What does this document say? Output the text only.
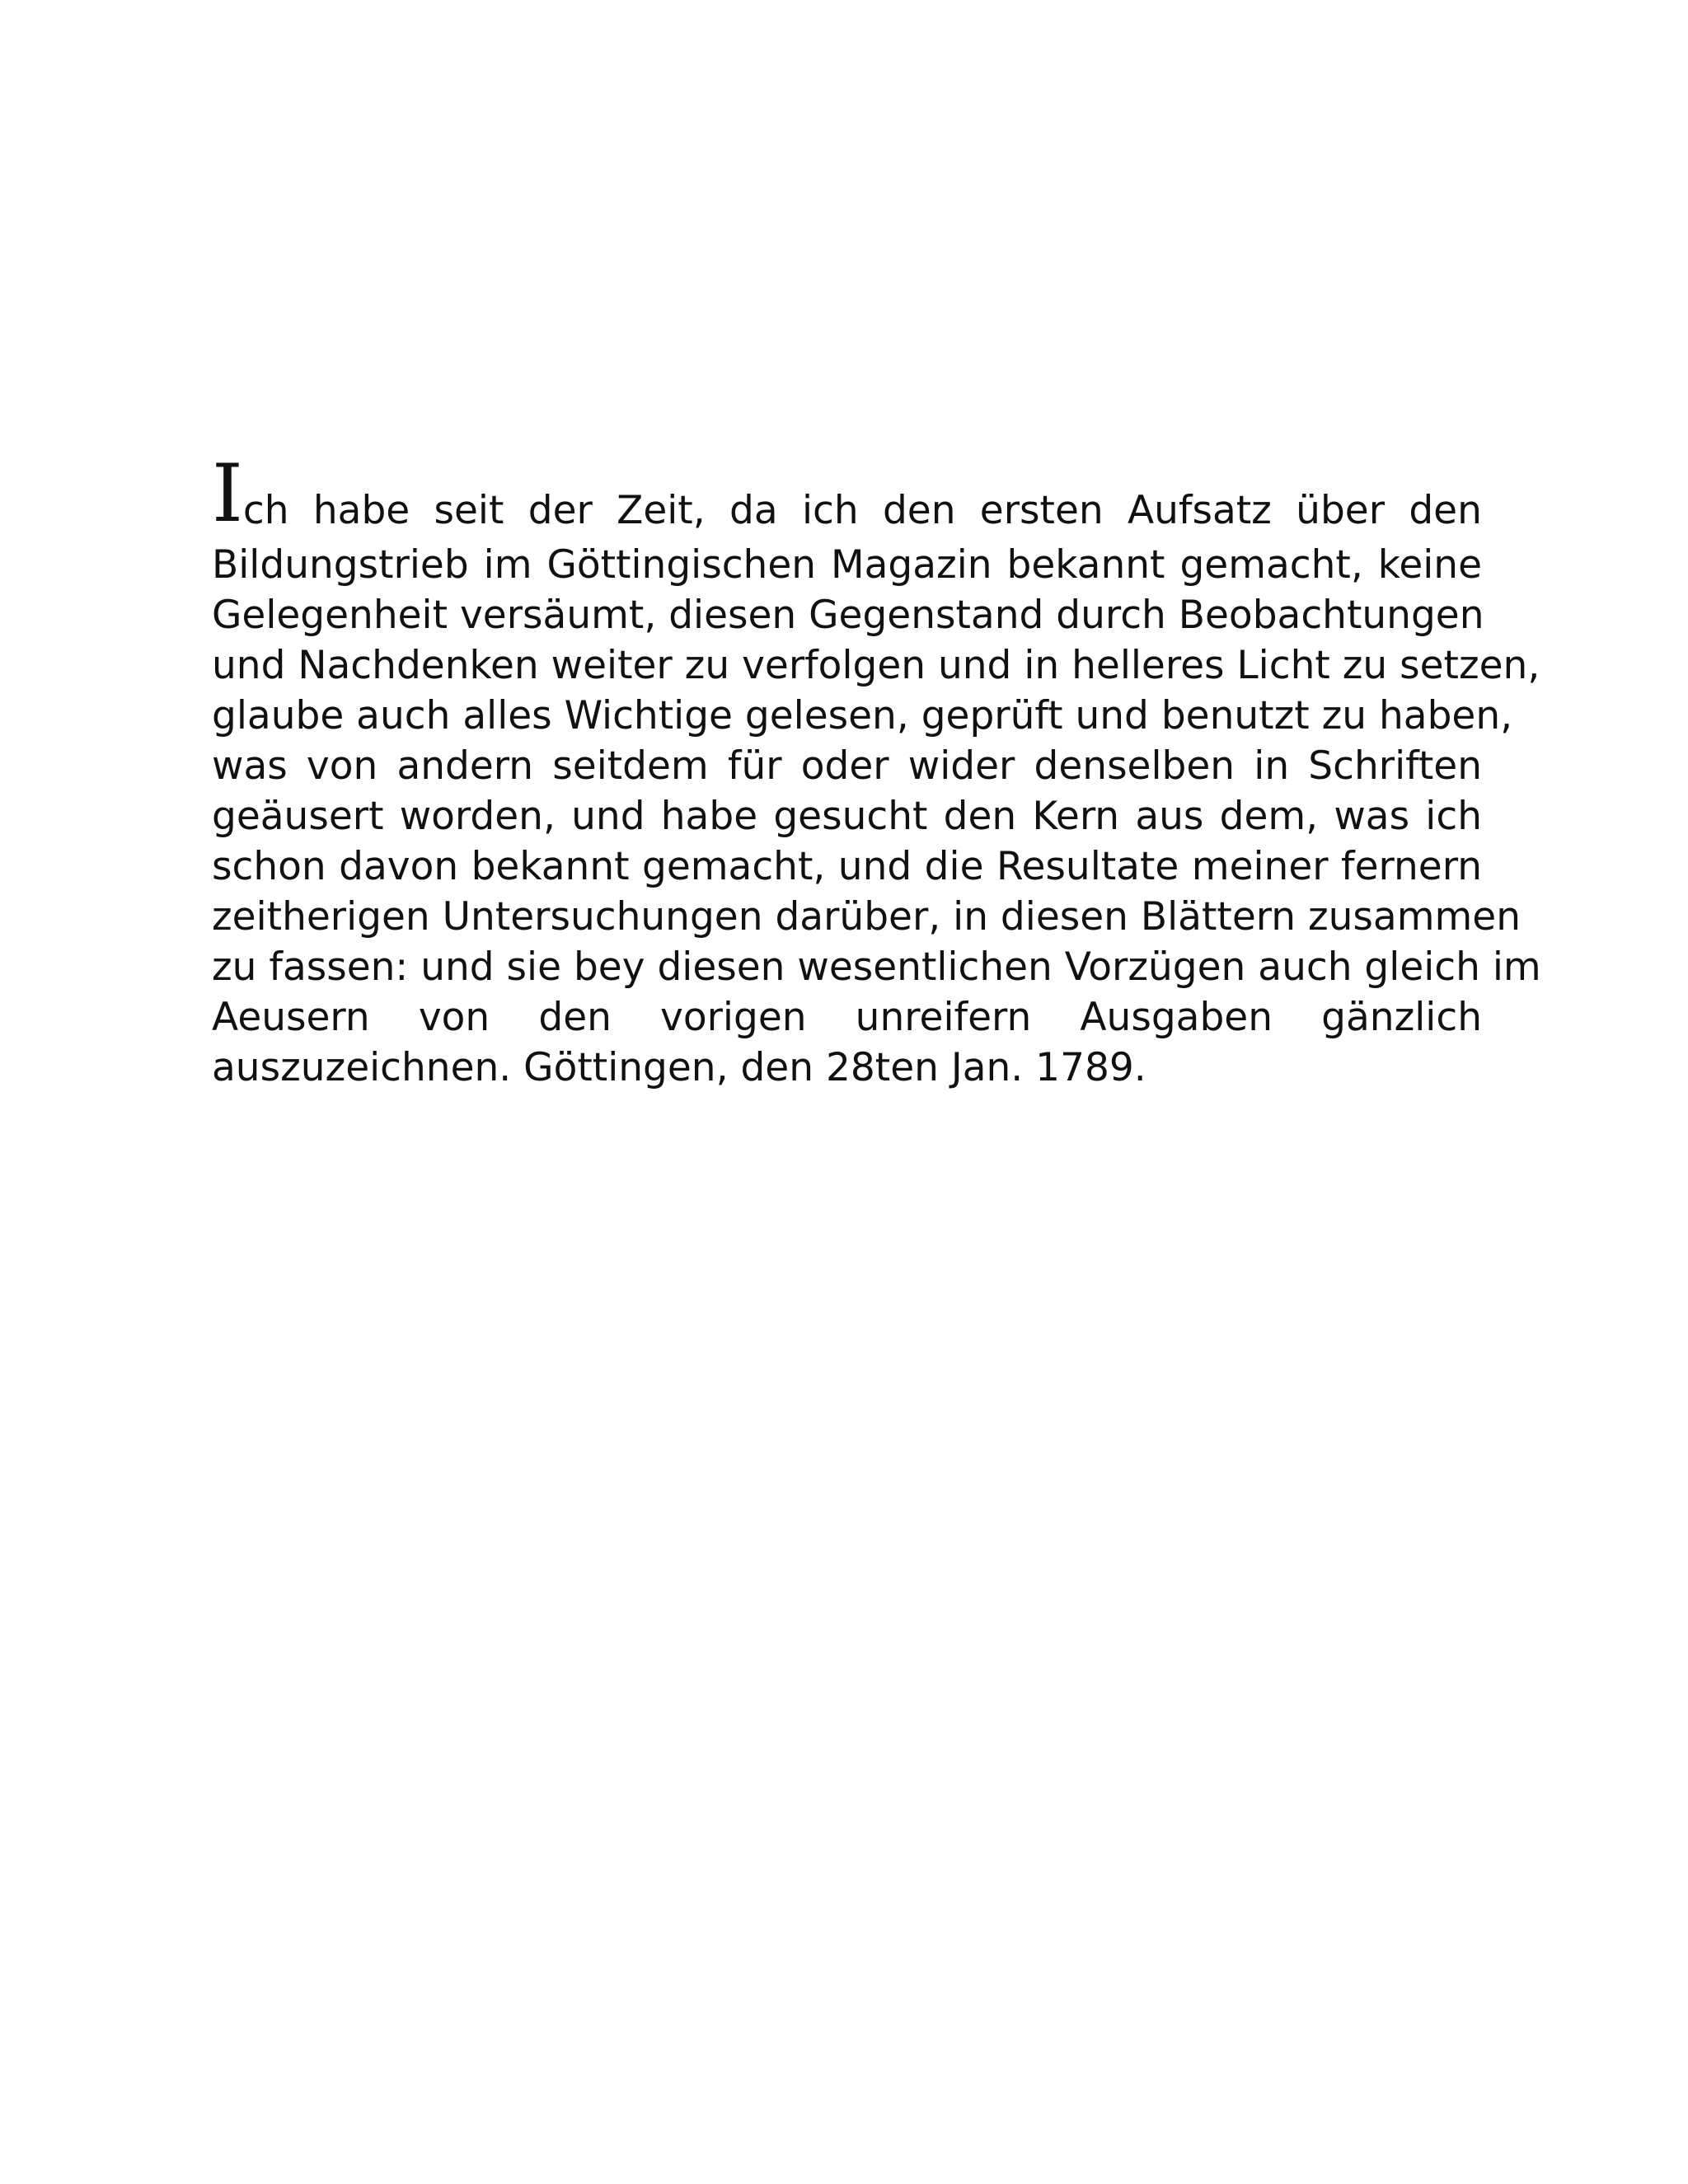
I ch habe seit der Zeit, da ich den ersten Aufsatz über den
Bildungstrieb im Göttingischen Magazin bekannt gemacht, keine
Gelegenheit versäumt, diesen Gegenstand durch Beobachtungen
und Nachdenken weiter zu verfolgen und in helleres Licht zu setzen,
glaube auch alles Wichtige gelesen, geprüft und benutzt zu haben,
was von andern seitdem für oder wider denselben in Schriften
geäusert worden, und habe gesucht den Kern aus dem, was ich
schon davon bekannt gemacht, und die Resultate meiner fernern
zeitherigen Untersuchungen darüber, in diesen Blättern zusammen
zu fassen: und sie bey diesen wesentlichen Vorzügen auch gleich im
Aeusern von den vorigen unreifern Ausgaben gänzlich
auszuzeichnen. Göttingen, den 28ten Jan. 1789.
